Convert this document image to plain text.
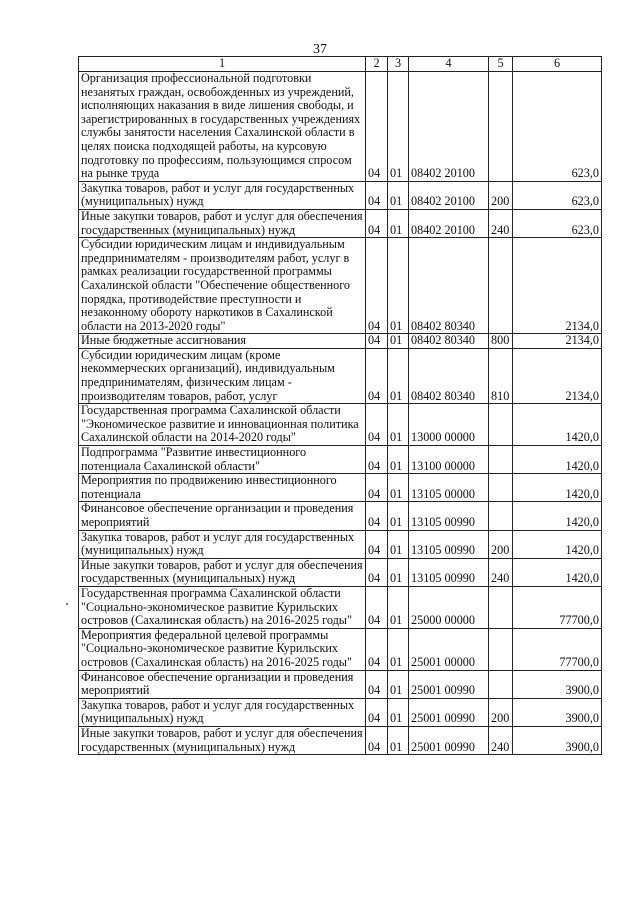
37
1	2	3	4	5	6
Организация профессиональной подготовки незанятых граждан, освобожденных из учреждений, исполняющих наказания в виде лишения свободы, и зарегистрированных в государственных учреждениях службы занятости населения Сахалинской области в целях поиска подходящей работы, на курсовую подготовку по профессиям, пользующимся спросом на рынке труда	04	01	08402 20100		623,0
Закупка товаров, работ и услуг для государственных (муниципальных) нужд	04	01	08402 20100	200	623,0
Иные закупки товаров, работ и услуг для обеспечения государственных (муниципальных) нужд	04	01	08402 20100	240	623,0
Субсидии юридическим лицам и индивидуальным предпринимателям - производителям работ, услуг в рамках реализации государственной программы Сахалинской области "Обеспечение общественного порядка, противодействие преступности и незаконному обороту наркотиков в Сахалинской области на 2013-2020 годы"	04	01	08402 80340		2134,0
Иные бюджетные ассигнования	04	01	08402 80340	800	2134,0
Субсидии юридическим лицам (кроме некоммерческих организаций), индивидуальным предпринимателям, физическим лицам - производителям товаров, работ, услуг	04	01	08402 80340	810	2134,0
Государственная программа Сахалинской области "Экономическое развитие и инновационная политика Сахалинской области на 2014-2020 годы"	04	01	13000 00000		1420,0
Подпрограмма "Развитие инвестиционного потенциала Сахалинской области"	04	01	13100 00000		1420,0
Мероприятия по продвижению инвестиционного потенциала	04	01	13105 00000		1420,0
Финансовое обеспечение организации и проведения мероприятий	04	01	13105 00990		1420,0
Закупка товаров, работ и услуг для государственных (муниципальных) нужд	04	01	13105 00990	200	1420,0
Иные закупки товаров, работ и услуг для обеспечения государственных (муниципальных) нужд	04	01	13105 00990	240	1420,0
Государственная программа Сахалинской области "Социально-экономическое развитие Курильских островов (Сахалинская область) на 2016-2025 годы"	04	01	25000 00000		77700,0
Мероприятия федеральной целевой программы "Социально-экономическое развитие Курильских островов (Сахалинская область) на 2016-2025 годы"	04	01	25001 00000		77700,0
Финансовое обеспечение организации и проведения мероприятий	04	01	25001 00990		3900,0
Закупка товаров, работ и услуг для государственных (муниципальных) нужд	04	01	25001 00990	200	3900,0
Иные закупки товаров, работ и услуг для обеспечения государственных (муниципальных) нужд	04	01	25001 00990	240	3900,0
